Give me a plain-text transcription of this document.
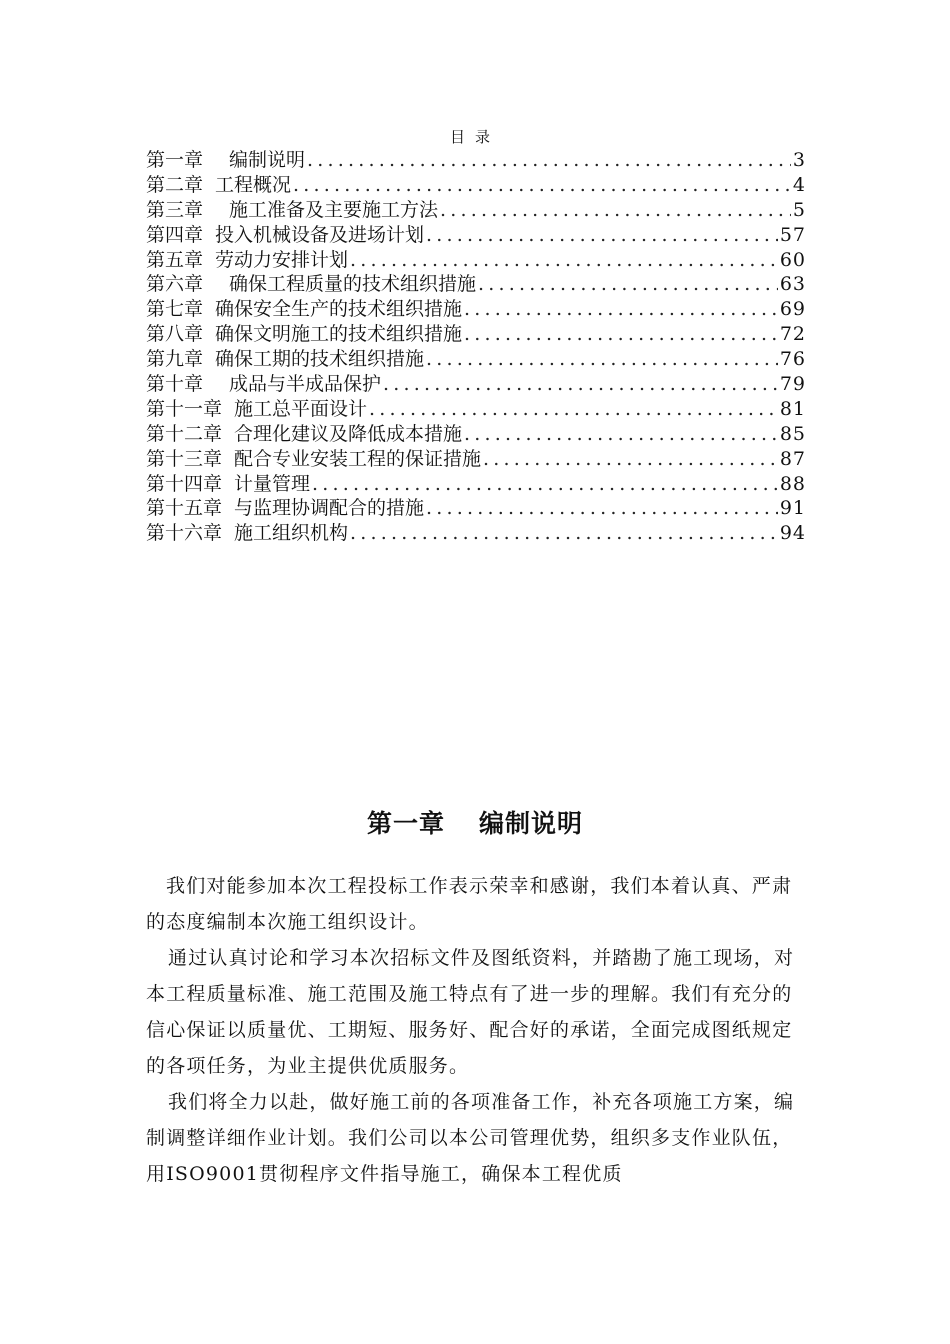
目录
第一章 编制说明 .....	3
第二章 工程概况 .....	4
第三章 施工准备及主要施工方法 .....	5
第四章 投入机械设备及进场计划 .....	57
第五章 劳动力安排计划 .....	60
第六章 确保工程质量的技术组织措施 .....	63
第七章 确保安全生产的技术组织措施 .....	69
第八章 确保文明施工的技术组织措施 .....	72
第九章 确保工期的技术组织措施 .....	76
第十章 成品与半成品保护 .....	79
第十一章 施工总平面设计 .....	81
第十二章 合理化建议及降低成本措施 .....	85
第十三章 配合专业安装工程的保证措施 .....	87
第十四章 计量管理 .....	88
第十五章 与监理协调配合的措施 .....	91
第十六章 施工组织机构 .....	94
第一章 编制说明

我们对能参加本次工程投标工作表示荣幸和感谢，我们本着认真、严肃的态度编制本次施工组织设计。

通过认真讨论和学习本次招标文件及图纸资料，并踏勘了施工现场，对本工程质量标准、施工范围及施工特点有了进一步的理解。我们有充分的信心保证以质量优、工期短、服务好、配合好的承诺，全面完成图纸规定的各项任务，为业主提供优质服务。

我们将全力以赴，做好施工前的各项准备工作，补充各项施工方案，编制调整详细作业计划。我们公司以本公司管理优势，组织多支作业队伍，用ISO9001贯彻程序文件指导施工，确保本工程优质
